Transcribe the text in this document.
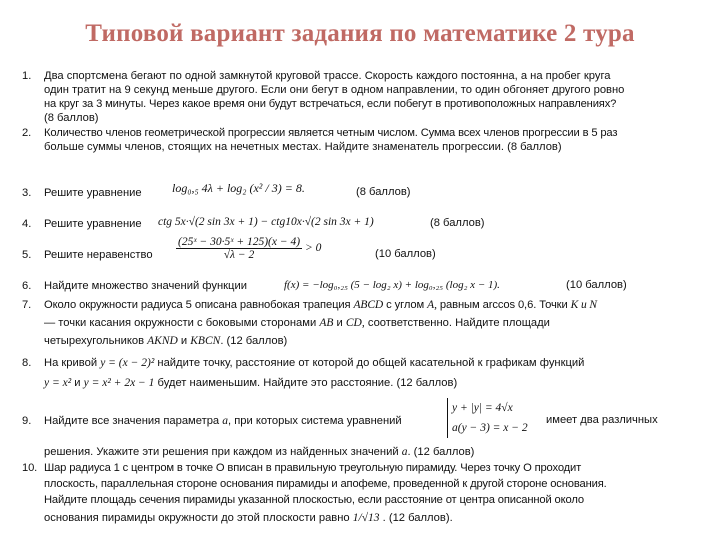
Типовой вариант задания по математике 2 тура
1. Два спортсмена бегают по одной замкнутой круговой трассе. Скорость каждого постоянна, а на пробег круга
один тратит на 9 секунд меньше другого. Если они бегут в одном направлении, то один обгоняет другого ровно
на круг за 3 минуты. Через какое время они будут встречаться, если побегут в противоположных направлениях?
(8 баллов)
2. Количество членов геометрической прогрессии является четным числом. Сумма всех членов прогрессии в 5 раз
больше суммы членов, стоящих на нечетных местах. Найдите знаменатель прогрессии. (8 баллов)
3. Решите уравнение	log₀,₅ 4λ + log₂ (x² / 3) = 8.	(8 баллов)
4. Решите уравнение ctg 5x·√(2 sin 3x + 1) − ctg10x·√(2 sin 3x + 1)	(8 баллов)
5. Решите неравенство $\frac{\text{(25ˣ − 30·5ˣ + 125)(x − 4)}}{√\lambda - 2} > 0$	(10 баллов)
6. Найдите множество значений функции	f(x) = −log₀,₂₅ (5 − log₂ x) + log₀,₂₅ (log₂ x − 1).	(10 баллов)
7. Около окружности радиуса 5 описана равнобокая трапеция ABCD с углом A, равным arccos 0,6. Точки K и N
— точки касания окружности с боковыми сторонами AB и CD, соответственно. Найдите площади
четырехугольников AKND и KBCN. (12 баллов)
8. На кривой y = (x − 2)² найдите точку, расстояние от которой до общей касательной к графикам функций
y = x² и y = x² + 2x − 1 будет наименьшим. Найдите это расстояние. (12 баллов)
9. Найдите все значения параметра a, при которых система уравнений
y + |y| = 4√x
a(y − 3) = x − 2
имеет два различных
решения. Укажите эти решения при каждом из найденных значений a. (12 баллов)
10. Шар радиуса 1 с центром в точке O вписан в правильную треугольную пирамиду. Через точку O проходит
плоскость, параллельная стороне основания пирамиды и апофеме, проведенной к другой стороне основания.
Найдите площадь сечения пирамиды указанной плоскостью, если расстояние от центра описанной около
основания пирамиды окружности до этой плоскости равно 1/√13 . (12 баллов).
